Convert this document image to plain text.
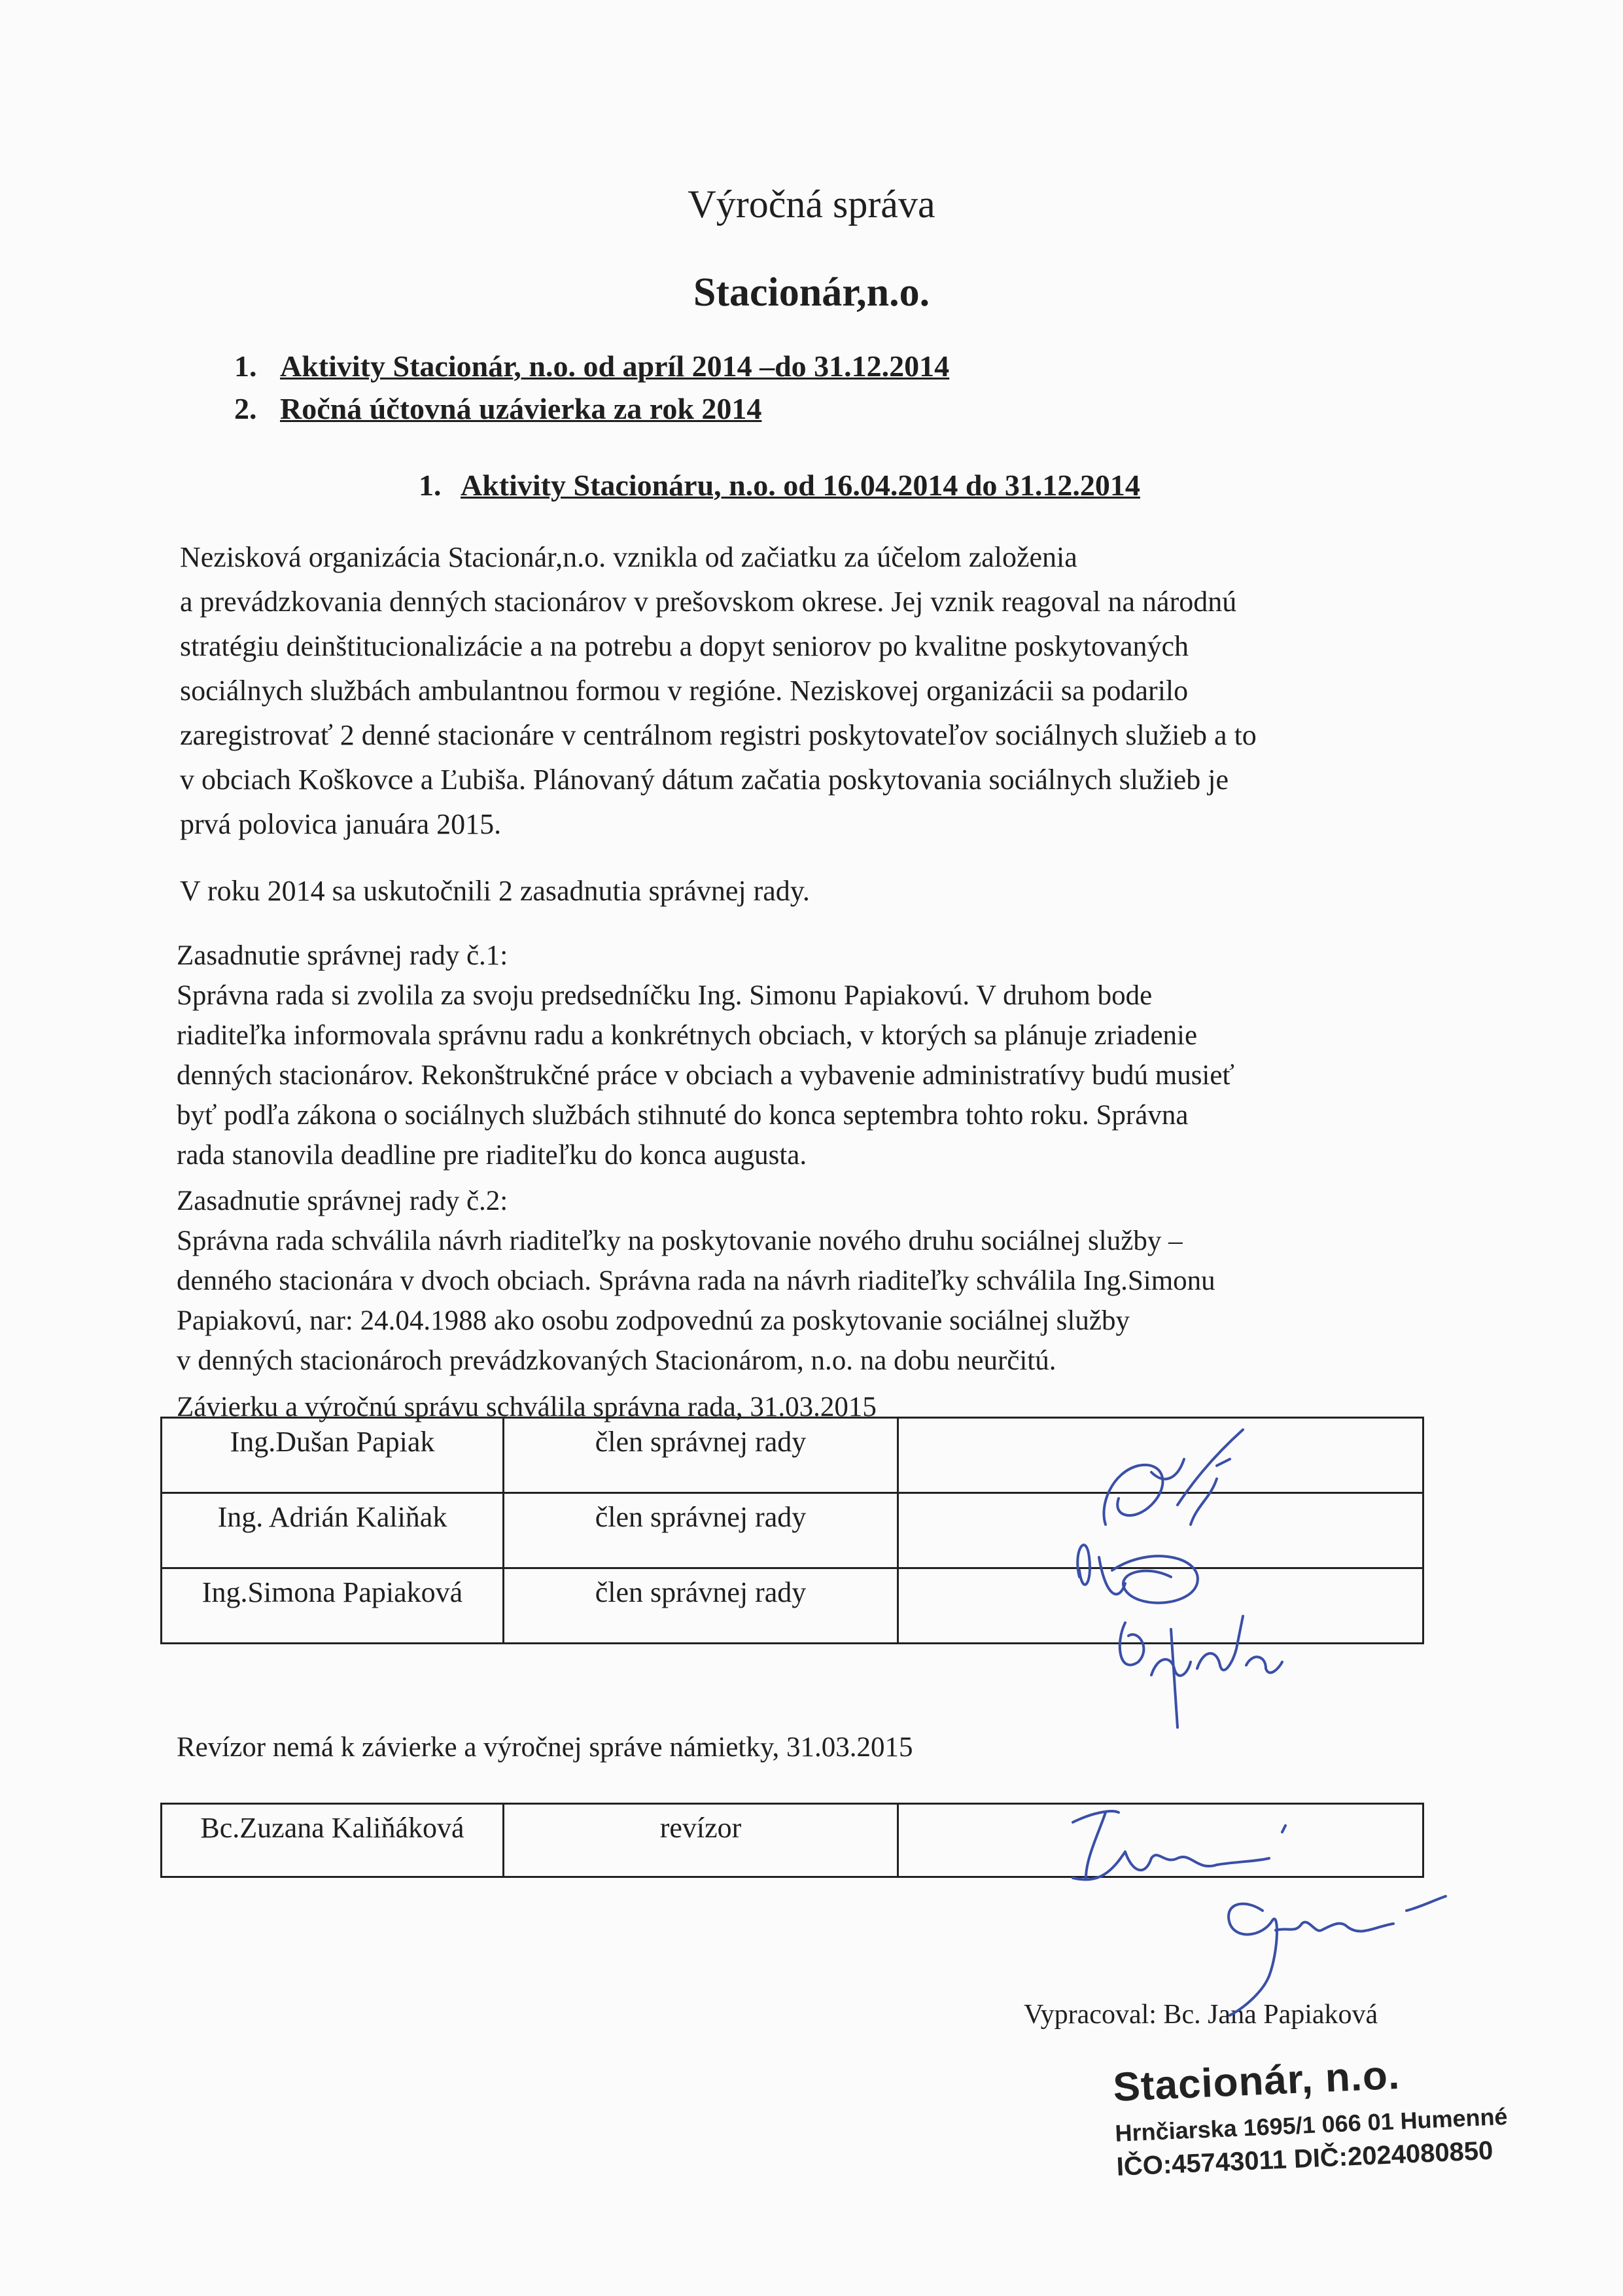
Výročná správa
Stacionár,n.o.
1. Aktivity Stacionár, n.o. od apríl 2014 –do 31.12.2014
2. Ročná účtovná uzávierka za rok 2014
1. Aktivity Stacionáru, n.o. od 16.04.2014 do 31.12.2014
Nezisková organizácia Stacionár,n.o. vznikla od začiatku za účelom založenia
a prevádzkovania denných stacionárov v prešovskom okrese. Jej vznik reagoval na národnú
stratégiu deinštitucionalizácie a na potrebu a dopyt seniorov po kvalitne poskytovaných
sociálnych službách ambulantnou formou v regióne. Neziskovej organizácii sa podarilo
zaregistrovať 2 denné stacionáre v centrálnom registri poskytovateľov sociálnych služieb a to
v obciach Koškovce a Ľubiša. Plánovaný dátum začatia poskytovania sociálnych služieb je
prvá polovica januára 2015.
V roku 2014 sa uskutočnili 2 zasadnutia správnej rady.
Zasadnutie správnej rady č.1:
Správna rada si zvolila za svoju predsedníčku Ing. Simonu Papiakovú. V druhom bode
riaditeľka informovala správnu radu a konkrétnych obciach, v ktorých sa plánuje zriadenie
denných stacionárov. Rekonštrukčné práce v obciach a vybavenie administratívy budú musieť
byť podľa zákona o sociálnych službách stihnuté do konca septembra tohto roku. Správna
rada stanovila deadline pre riaditeľku do konca augusta.
Zasadnutie správnej rady č.2:
Správna rada schválila návrh riaditeľky na poskytovanie nového druhu sociálnej služby –
denného stacionára v dvoch obciach. Správna rada na návrh riaditeľky schválila Ing.Simonu
Papiakovú, nar: 24.04.1988 ako osobu zodpovednú za poskytovanie sociálnej služby
v denných stacionároch prevádzkovaných Stacionárom, n.o. na dobu neurčitú.
Závierku a výročnú správu schválila správna rada, 31.03.2015
Ing.Dušan Papiak	člen správnej rady	
Ing. Adrián Kaliňak	člen správnej rady	
Ing.Simona Papiaková	člen správnej rady	
Revízor nemá k závierke a výročnej správe námietky, 31.03.2015
Bc.Zuzana Kaliňáková	revízor	
Vypracoval: Bc. Jana Papiaková
Stacionár, n.o.
Hrnčiarska 1695/1 066 01 Humenné
IČO:45743011 DIČ:2024080850
